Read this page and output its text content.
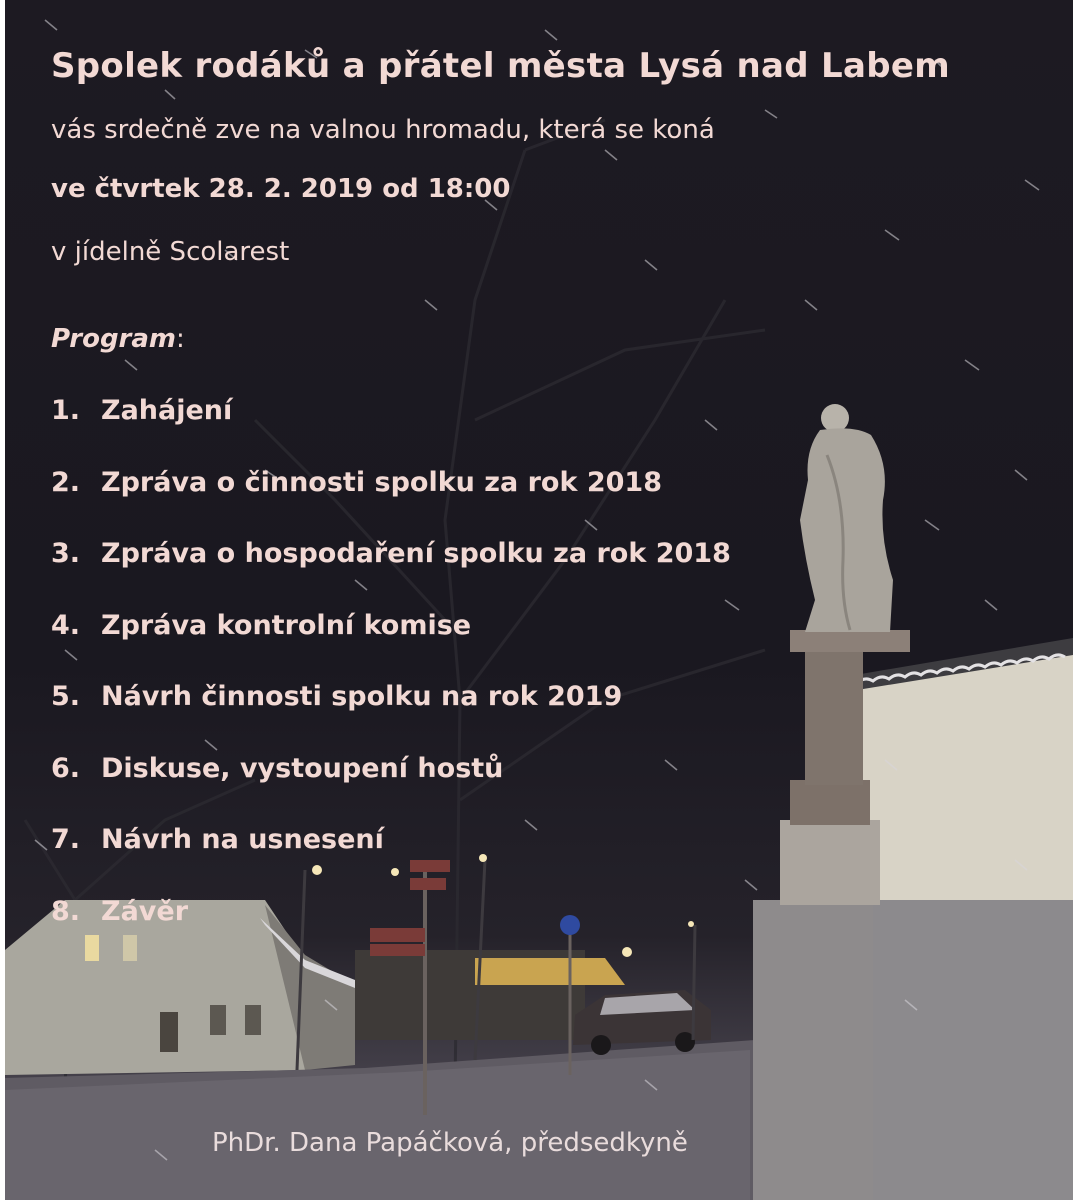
Spolek rodáků a přátel města Lysá nad Labem
vás srdečně zve na valnou hromadu, která se koná
ve čtvrtek 28. 2. 2019 od 18:00
v jídelně Scolarest
Program:
1. Zahájení
2. Zpráva o činnosti spolku za rok 2018
3. Zpráva o hospodaření spolku za rok 2018
4. Zpráva kontrolní komise
5. Návrh činnosti spolku na rok 2019
6. Diskuse, vystoupení hostů
7. Návrh na usnesení
8. Závěr
PhDr. Dana Papáčková, předsedkyně
